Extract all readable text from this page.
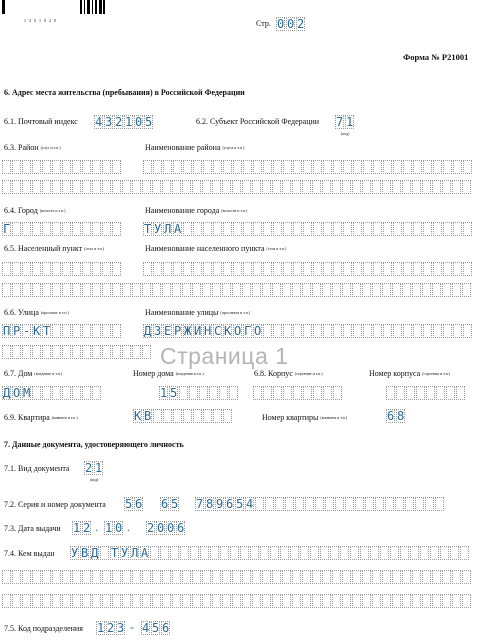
1 3 0 1 0 2 0	Стр. 0 0 2
Форма № Р21001
6. Адрес места жительства (пребывания) в Российской Федерации
6.1. Почтовый индекс 4 3 2 1 0 5	6.2. Субъект Российской Федерации 7 1
(код)
6.3. Район (улус и т.п.)	Наименование района (улуса и т.п.)
6.4. Город (волость и т.п.)	Наименование города (волости и т.п.)
Г	Т У Л А
6.5. Населенный пункт (село и т.п.)	Наименование населенного пункта (села и т.п.)
6.6. Улица (проспект и т.п.)	Наименование улицы (проспекта и т.п.)
П Р - К Т	Д З Е Р Ж И Н С К О Г О
Страница 1
6.7. Дом (владение и т.п.)	Номер дома (владения и т.п.)	6.8. Корпус (строение и т.п.)	Номер корпуса (строения и т.п.)
Д О М	1 5
6.9. Квартира (комната и т.п.)	К В	Номер квартиры (комнаты и т.п.)	6 8
7. Данные документа, удостоверяющего личность
7.1. Вид документа 2 1
(код)
7.2. Серия и номер документа 5 6 6 5 7 8 9 6 5 4
7.3. Дата выдачи 1 2 . 1 0 . 2 0 0 6
7.4. Кем выдан У В Д Т У Л А
7.5. Код подразделения 1 2 3 - 4 5 6
